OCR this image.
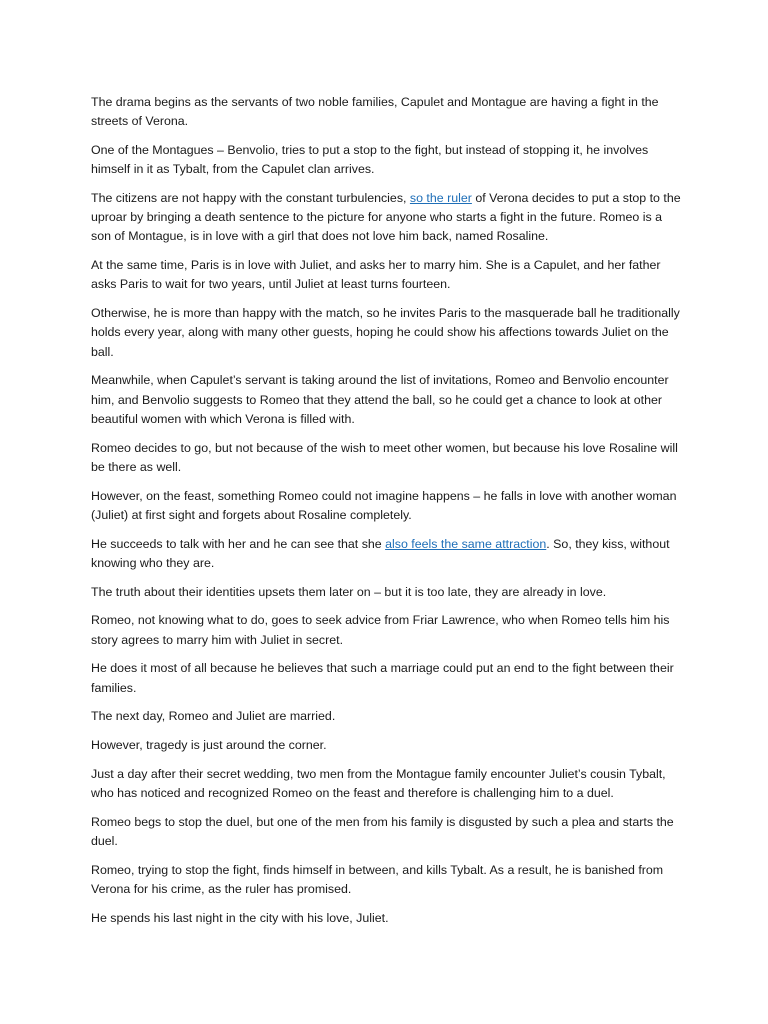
The drama begins as the servants of two noble families, Capulet and Montague are having a fight in the streets of Verona.

One of the Montagues – Benvolio, tries to put a stop to the fight, but instead of stopping it, he involves himself in it as Tybalt, from the Capulet clan arrives.

The citizens are not happy with the constant turbulencies, so the ruler of Verona decides to put a stop to the uproar by bringing a death sentence to the picture for anyone who starts a fight in the future. Romeo is a son of Montague, is in love with a girl that does not love him back, named Rosaline.

At the same time, Paris is in love with Juliet, and asks her to marry him. She is a Capulet, and her father asks Paris to wait for two years, until Juliet at least turns fourteen.

Otherwise, he is more than happy with the match, so he invites Paris to the masquerade ball he traditionally holds every year, along with many other guests, hoping he could show his affections towards Juliet on the ball.

Meanwhile, when Capulet’s servant is taking around the list of invitations, Romeo and Benvolio encounter him, and Benvolio suggests to Romeo that they attend the ball, so he could get a chance to look at other beautiful women with which Verona is filled with.

Romeo decides to go, but not because of the wish to meet other women, but because his love Rosaline will be there as well.

However, on the feast, something Romeo could not imagine happens – he falls in love with another woman (Juliet) at first sight and forgets about Rosaline completely.

He succeeds to talk with her and he can see that she also feels the same attraction. So, they kiss, without knowing who they are.

The truth about their identities upsets them later on – but it is too late, they are already in love.

Romeo, not knowing what to do, goes to seek advice from Friar Lawrence, who when Romeo tells him his story agrees to marry him with Juliet in secret.

He does it most of all because he believes that such a marriage could put an end to the fight between their families.

The next day, Romeo and Juliet are married.

However, tragedy is just around the corner.

Just a day after their secret wedding, two men from the Montague family encounter Juliet’s cousin Tybalt, who has noticed and recognized Romeo on the feast and therefore is challenging him to a duel.

Romeo begs to stop the duel, but one of the men from his family is disgusted by such a plea and starts the duel.

Romeo, trying to stop the fight, finds himself in between, and kills Tybalt. As a result, he is banished from Verona for his crime, as the ruler has promised.

He spends his last night in the city with his love, Juliet.
